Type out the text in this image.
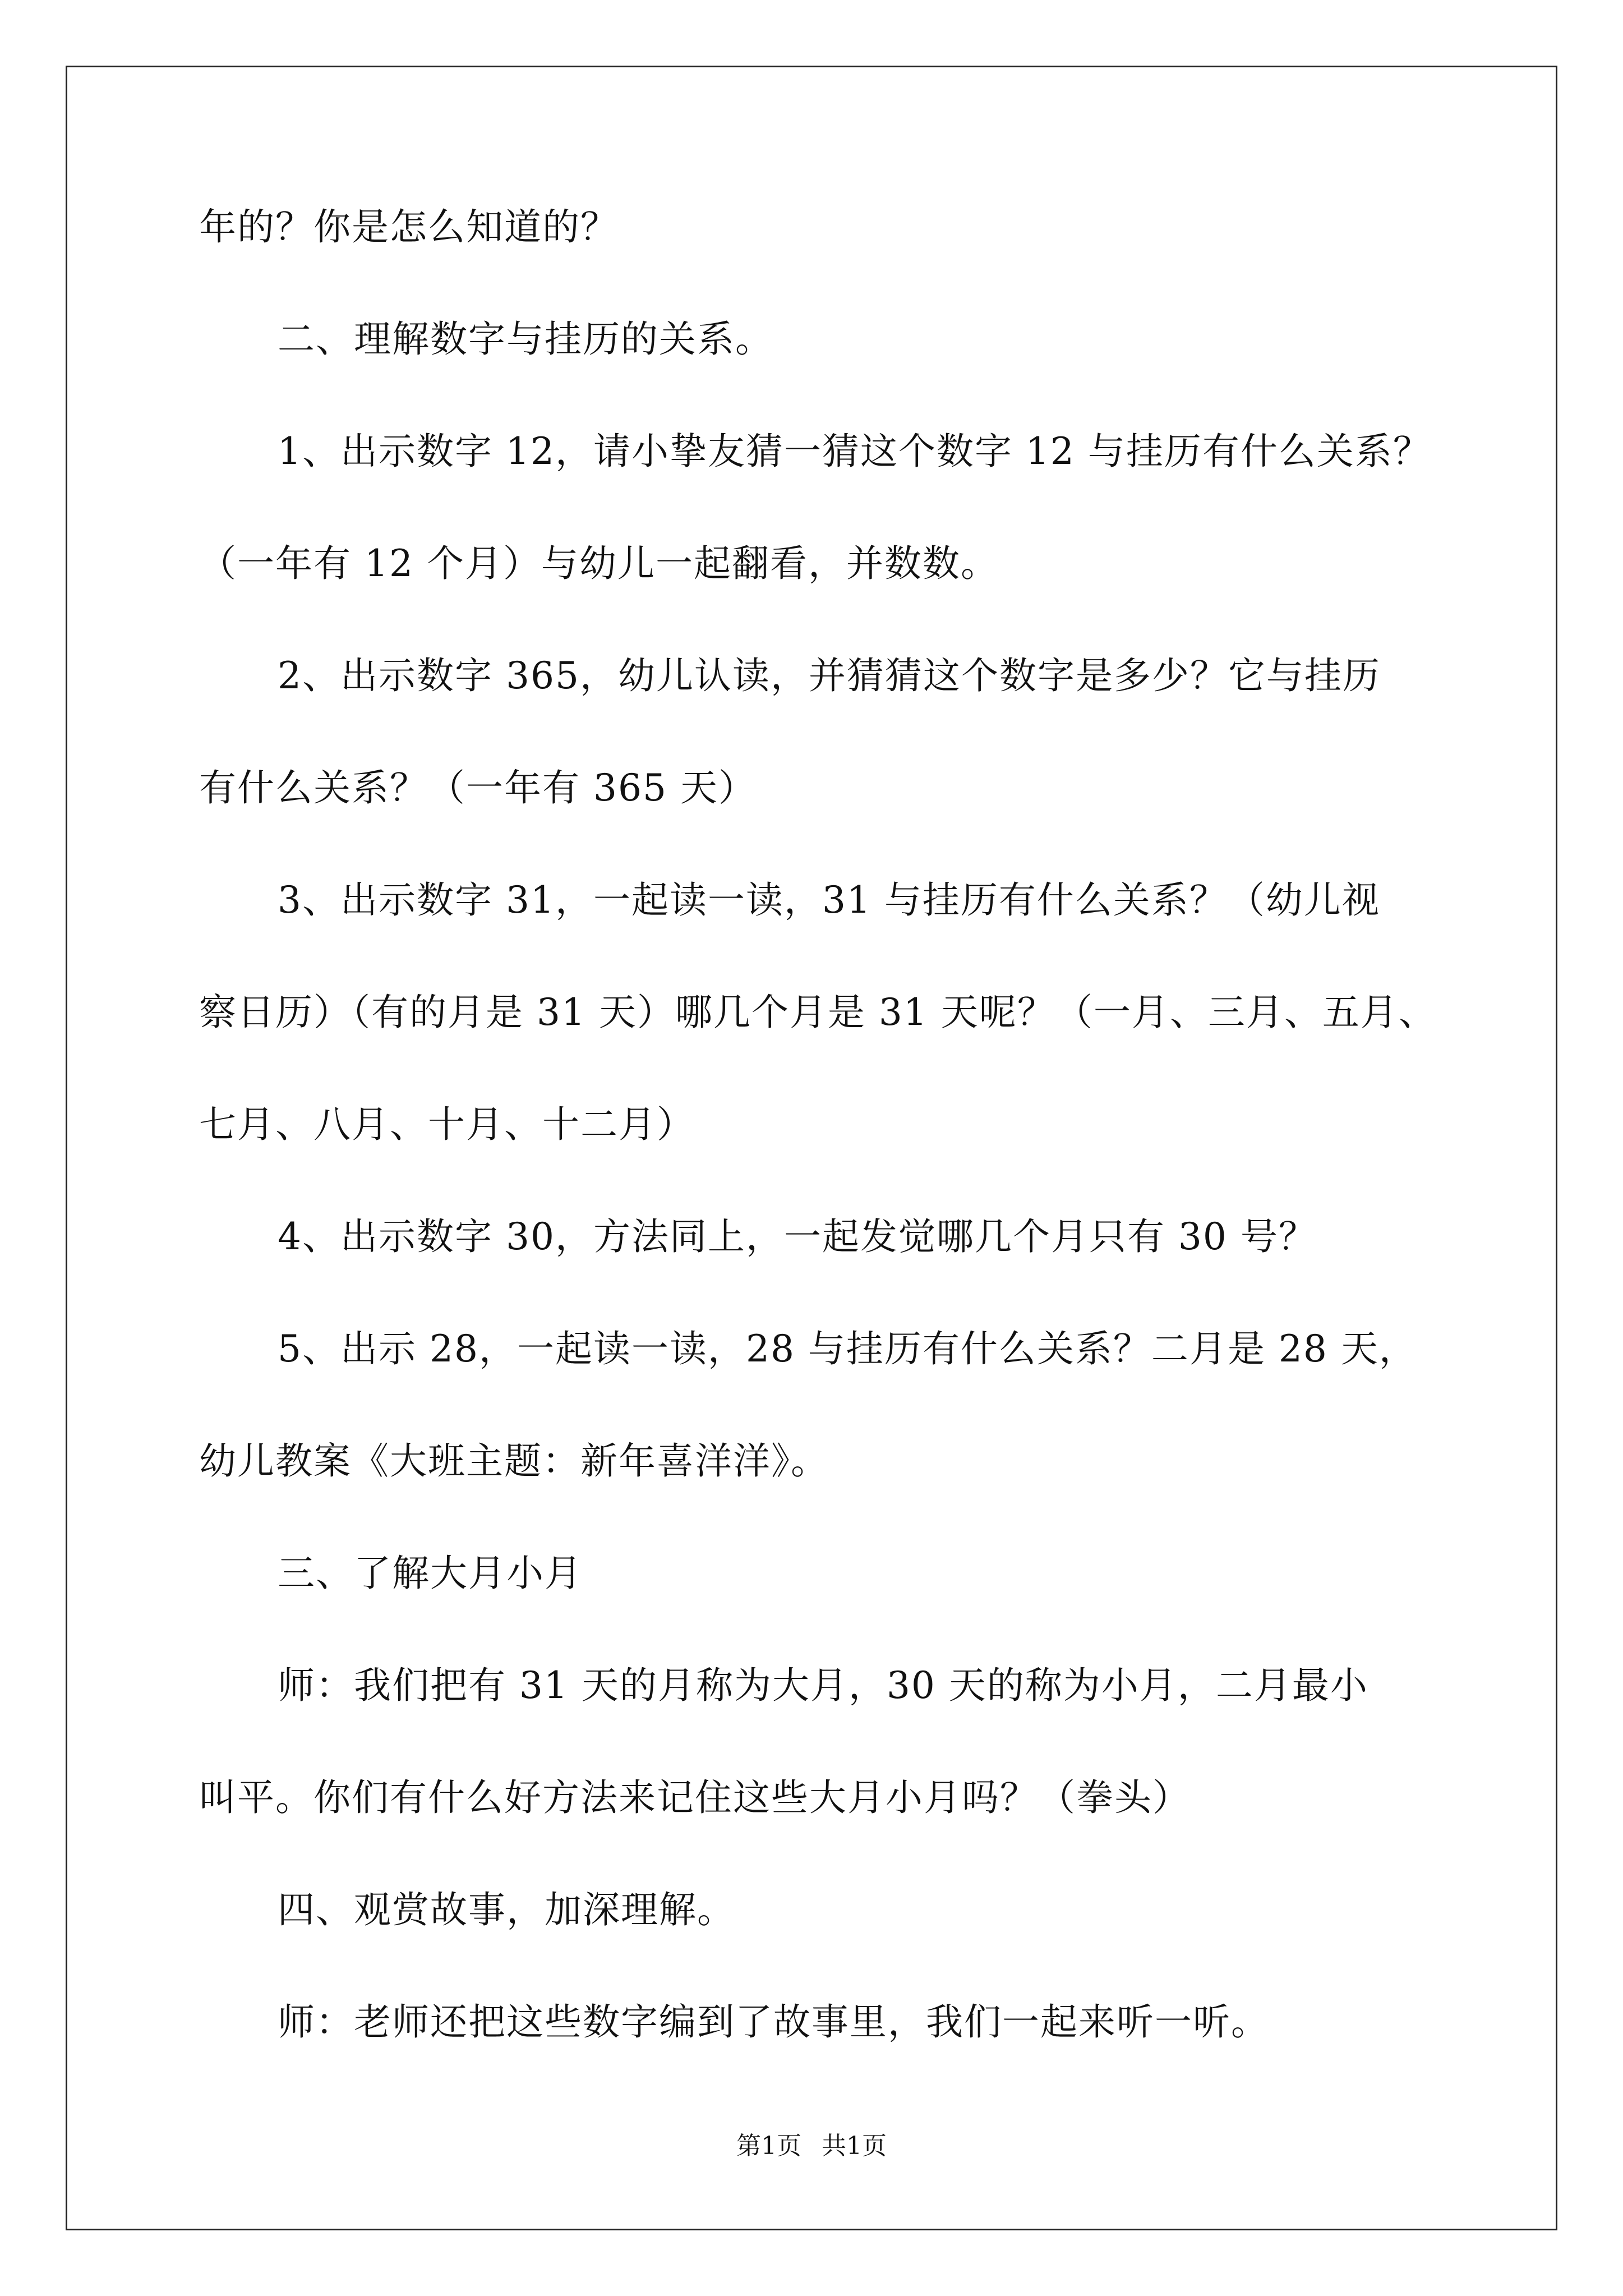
年的？你是怎么知道的？
二、理解数字与挂历的关系。
1、出示数字 12，请小挚友猜一猜这个数字 12 与挂历有什么关系？
（一年有 12 个月）与幼儿一起翻看，并数数。
2、出示数字 365，幼儿认读，并猜猜这个数字是多少？它与挂历
有什么关系？（一年有 365 天）
3、出示数字 31，一起读一读，31 与挂历有什么关系？（幼儿视
察日历）（有的月是 31 天）哪几个月是 31 天呢？（一月、三月、五月、
七月、八月、十月、十二月）
4、出示数字 30，方法同上，一起发觉哪几个月只有 30 号？
5、出示 28，一起读一读，28 与挂历有什么关系？二月是 28 天，
幼儿教案《大班主题：新年喜洋洋》。
三、了解大月小月
师：我们把有 31 天的月称为大月，30 天的称为小月，二月最小
叫平。你们有什么好方法来记住这些大月小月吗？（拳头）
四、观赏故事，加深理解。
师：老师还把这些数字编到了故事里，我们一起来听一听。
第1页 共1页
